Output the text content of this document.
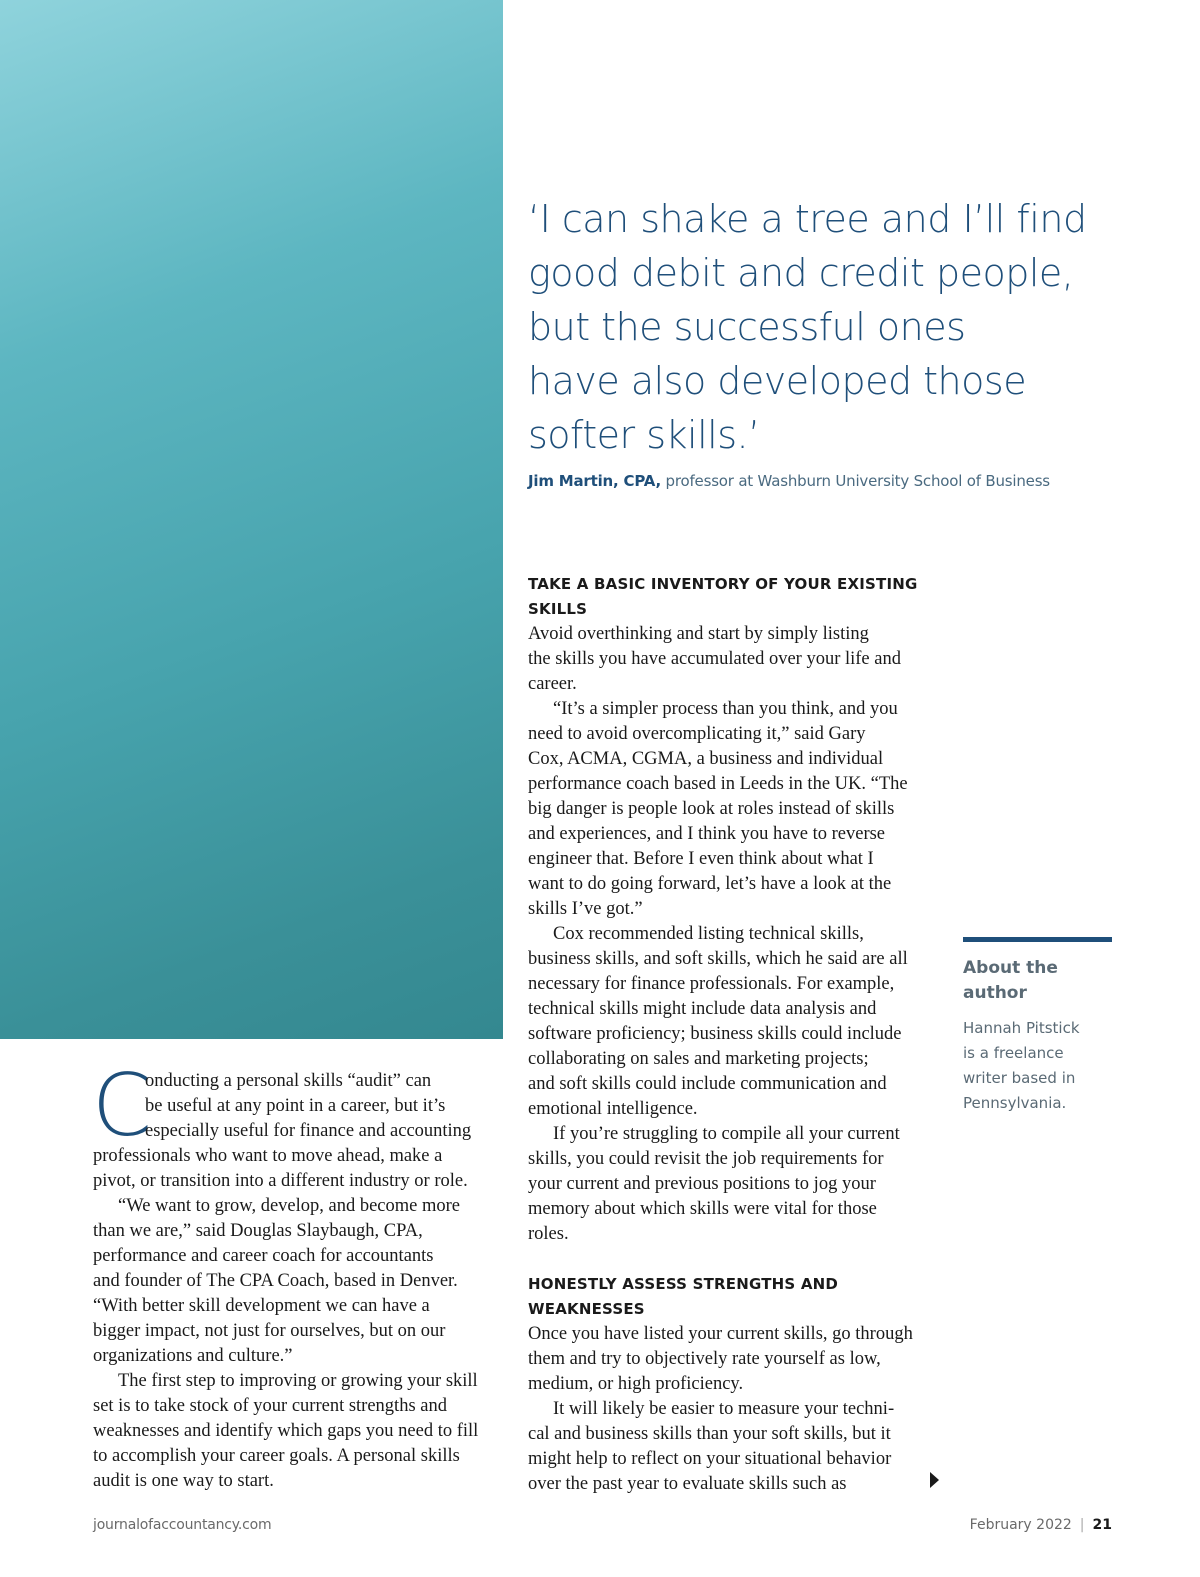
‘I can shake a tree and I’ll find
good debit and credit people,
but the successful ones
have also developed those
softer skills.’
Jim Martin, CPA, professor at Washburn University School of Business
C
onducting a personal skills “audit” can
be useful at any point in a career, but it’s
especially useful for finance and accounting
professionals who want to move ahead, make a
pivot, or transition into a different industry or role.
“We want to grow, develop, and become more
than we are,” said Douglas Slaybaugh, CPA,
performance and career coach for accountants
and founder of The CPA Coach, based in Denver.
“With better skill development we can have a
bigger impact, not just for ourselves, but on our
organizations and culture.”
The first step to improving or growing your skill
set is to take stock of your current strengths and
weaknesses and identify which gaps you need to fill
to accomplish your career goals. A personal skills
audit is one way to start.
TAKE A BASIC INVENTORY OF YOUR EXISTING
SKILLS
Avoid overthinking and start by simply listing
the skills you have accumulated over your life and
career.
“It’s a simpler process than you think, and you
need to avoid overcomplicating it,” said Gary
Cox, ACMA, CGMA, a business and individual
performance coach based in Leeds in the UK. “The
big danger is people look at roles instead of skills
and experiences, and I think you have to reverse
engineer that. Before I even think about what I
want to do going forward, let’s have a look at the
skills I’ve got.”
Cox recommended listing technical skills,
business skills, and soft skills, which he said are all
necessary for finance professionals. For example,
technical skills might include data analysis and
software proficiency; business skills could include
collaborating on sales and marketing projects;
and soft skills could include communication and
emotional intelligence.
If you’re struggling to compile all your current
skills, you could revisit the job requirements for
your current and previous positions to jog your
memory about which skills were vital for those
roles.
HONESTLY ASSESS STRENGTHS AND
WEAKNESSES
Once you have listed your current skills, go through
them and try to objectively rate yourself as low,
medium, or high proficiency.
It will likely be easier to measure your techni-
cal and business skills than your soft skills, but it
might help to reflect on your situational behavior
over the past year to evaluate skills such as
About the
author
Hannah Pitstick
is a freelance
writer based in
Pennsylvania.
journalofaccountancy.com	February 2022 | 21
